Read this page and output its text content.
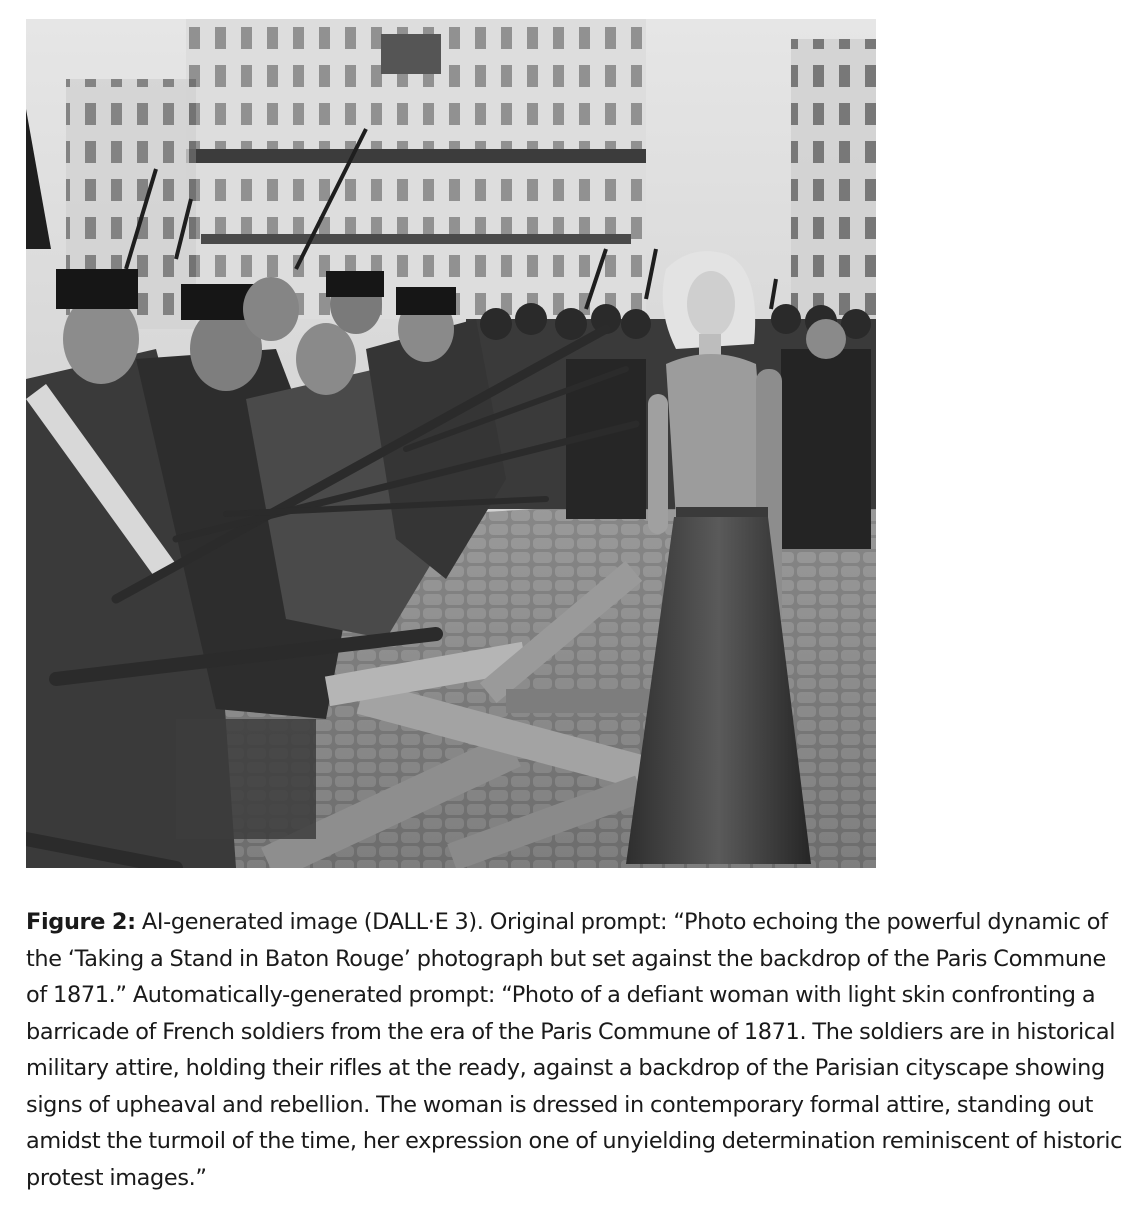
Figure 2: AI-generated image (DALL·E 3). Original prompt: “Photo echoing the powerful dynamic of the ‘Taking a Stand in Baton Rouge’ photograph but set against the backdrop of the Paris Commune of 1871.” Automatically-generated prompt: “Photo of a defiant woman with light skin confronting a barricade of French soldiers from the era of the Paris Commune of 1871. The soldiers are in historical military attire, holding their rifles at the ready, against a backdrop of the Parisian cityscape showing signs of upheaval and rebellion. The woman is dressed in contemporary formal attire, standing out amidst the turmoil of the time, her expression one of unyielding determination reminiscent of historic protest images.”
